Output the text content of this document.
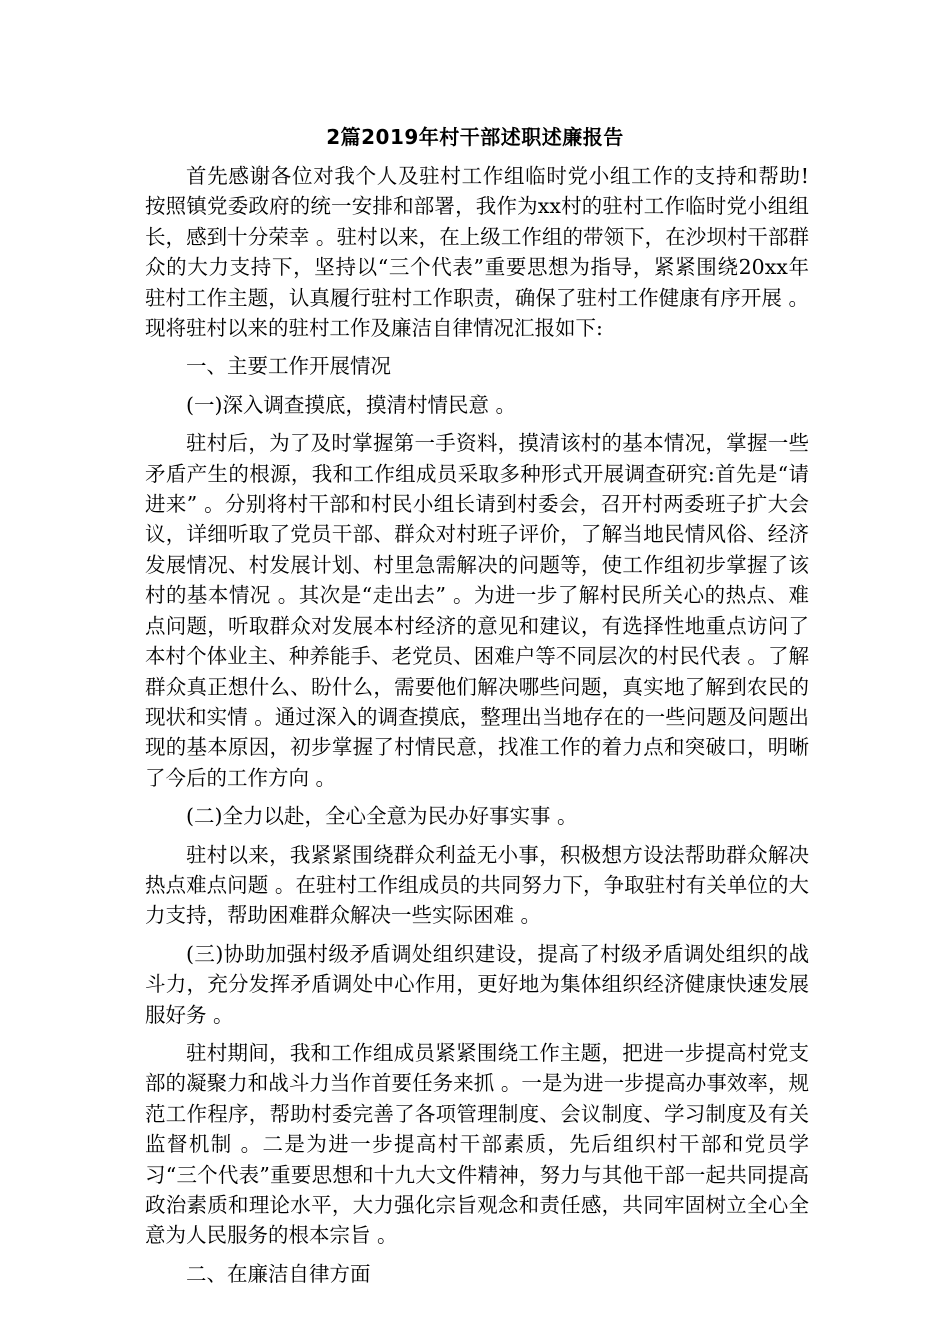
2篇2019年村干部述职述廉报告

首先感谢各位对我个人及驻村工作组临时党小组工作的支持和帮助!按照镇党委政府的统一安排和部署，我作为xx村的驻村工作临时党小组组长，感到十分荣幸 。驻村以来，在上级工作组的带领下，在沙坝村干部群众的大力支持下，坚持以“三个代表”重要思想为指导，紧紧围绕20xx年驻村工作主题，认真履行驻村工作职责，确保了驻村工作健康有序开展 。现将驻村以来的驻村工作及廉洁自律情况汇报如下:

一、主要工作开展情况

(一)深入调查摸底，摸清村情民意 。

驻村后，为了及时掌握第一手资料，摸清该村的基本情况，掌握一些矛盾产生的根源，我和工作组成员采取多种形式开展调查研究:首先是“请进来” 。分别将村干部和村民小组长请到村委会，召开村两委班子扩大会议，详细听取了党员干部、群众对村班子评价，了解当地民情风俗、经济发展情况、村发展计划、村里急需解决的问题等，使工作组初步掌握了该村的基本情况 。其次是“走出去” 。为进一步了解村民所关心的热点、难点问题，听取群众对发展本村经济的意见和建议，有选择性地重点访问了本村个体业主、种养能手、老党员、困难户等不同层次的村民代表 。了解群众真正想什么、盼什么，需要他们解决哪些问题，真实地了解到农民的现状和实情 。通过深入的调查摸底，整理出当地存在的一些问题及问题出现的基本原因，初步掌握了村情民意，找准工作的着力点和突破口，明晰了今后的工作方向 。

(二)全力以赴，全心全意为民办好事实事 。

驻村以来，我紧紧围绕群众利益无小事，积极想方设法帮助群众解决热点难点问题 。在驻村工作组成员的共同努力下，争取驻村有关单位的大力支持，帮助困难群众解决一些实际困难 。

(三)协助加强村级矛盾调处组织建设，提高了村级矛盾调处组织的战斗力，充分发挥矛盾调处中心作用，更好地为集体组织经济健康快速发展服好务 。

驻村期间，我和工作组成员紧紧围绕工作主题，把进一步提高村党支部的凝聚力和战斗力当作首要任务来抓 。一是为进一步提高办事效率，规范工作程序，帮助村委完善了各项管理制度、会议制度、学习制度及有关监督机制 。二是为进一步提高村干部素质，先后组织村干部和党员学习“三个代表”重要思想和十九大文件精神，努力与其他干部一起共同提高政治素质和理论水平，大力强化宗旨观念和责任感，共同牢固树立全心全意为人民服务的根本宗旨 。

二、在廉洁自律方面
